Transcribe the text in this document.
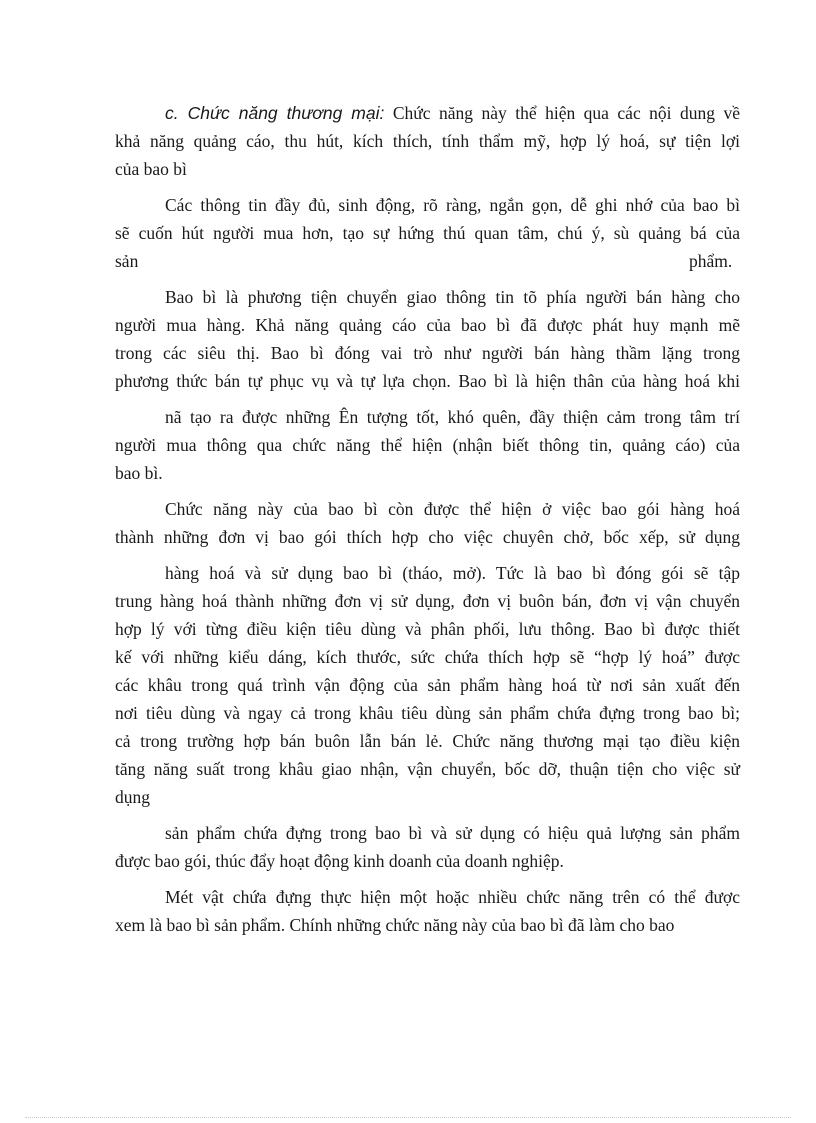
c. Chức năng thương mại: Chức năng này thể hiện qua các nội dung về
khả năng quảng cáo, thu hút, kích thích, tính thẩm mỹ, hợp lý hoá, sự tiện lợi
của bao bì
Các thông tin đầy đủ, sinh động, rõ ràng, ngắn gọn, dễ ghi nhớ của bao bì
sẽ cuốn hút người mua hơn, tạo sự hứng thú quan tâm, chú ý, sù quảng bá của
sản	phẩm.
Bao bì là phương tiện chuyển giao thông tin tõ phía người bán hàng cho
người mua hàng. Khả năng quảng cáo của bao bì đã được phát huy mạnh mẽ
trong các siêu thị. Bao bì đóng vai trò như người bán hàng thầm lặng trong
phương thức bán tự phục vụ và tự lựa chọn. Bao bì là hiện thân của hàng hoá khi
nã tạo ra được những Ên tượng tốt, khó quên, đầy thiện cảm trong tâm trí
người mua thông qua chức năng thể hiện (nhận biết thông tin, quảng cáo) của
bao bì.
Chức năng này của bao bì còn được thể hiện ở việc bao gói hàng hoá
thành những đơn vị bao gói thích hợp cho việc chuyên chở, bốc xếp, sử dụng
hàng hoá và sử dụng bao bì (tháo, mở). Tức là bao bì đóng gói sẽ tập
trung hàng hoá thành những đơn vị sử dụng, đơn vị buôn bán, đơn vị vận chuyển
hợp lý với từng điều kiện tiêu dùng và phân phối, lưu thông. Bao bì được thiết
kế với những kiểu dáng, kích thước, sức chứa thích hợp sẽ “hợp lý hoá” được
các khâu trong quá trình vận động của sản phẩm hàng hoá từ nơi sản xuất đến
nơi tiêu dùng và ngay cả trong khâu tiêu dùng sản phẩm chứa đựng trong bao bì;
cả trong trường hợp bán buôn lẫn bán lẻ. Chức năng thương mại tạo điều kiện
tăng năng suất trong khâu giao nhận, vận chuyển, bốc dỡ, thuận tiện cho việc sử
dụng
sản phẩm chứa đựng trong bao bì và sử dụng có hiệu quả lượng sản phẩm
được bao gói, thúc đẩy hoạt động kinh doanh của doanh nghiệp.
Mét vật chứa đựng thực hiện một hoặc nhiều chức năng trên có thể được
xem là bao bì sản phẩm. Chính những chức năng này của bao bì đã làm cho bao
